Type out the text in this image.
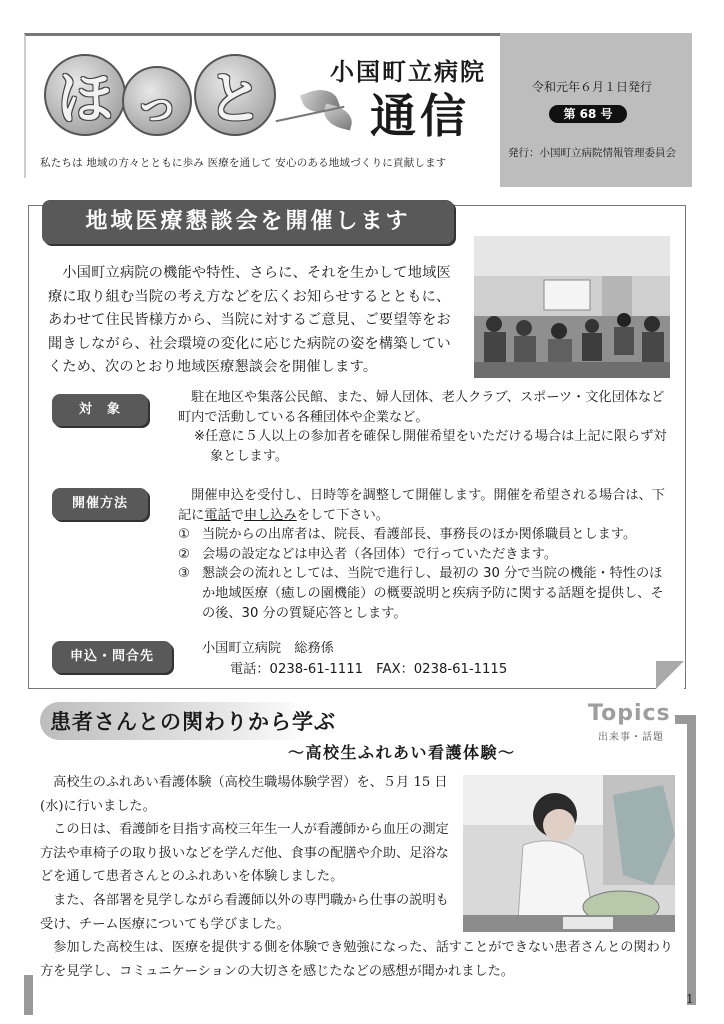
ほ っ と	小国町立病院
通信
私たちは 地域の方々とともに歩み 医療を通して 安心のある地域づくりに貢献します
令和元年６月１日発行
第 68 号
発行：小国町立病院情報管理委員会
地域医療懇談会を開催します
　小国町立病院の機能や特性、さらに、それを生かして地域医療に取り組む当院の考え方などを広くお知らせするとともに、あわせて住民皆様方から、当院に対するご意見、ご要望等をお聞きしながら、社会環境の変化に応じた病院の姿を構築していくため、次のとおり地域医療懇談会を開催します。
対　象
　駐在地区や集落公民館、また、婦人団体、老人クラブ、スポーツ・文化団体など町内で活動している各種団体や企業など。
※任意に５人以上の参加者を確保し開催希望をいただける場合は上記に限らず対象とします。
開催方法
　開催申込を受付し、日時等を調整して開催します。開催を希望される場合は、下記に電話で申し込みをして下さい。
① 当院からの出席者は、院長、看護部長、事務長のほか関係職員とします。
② 会場の設定などは申込者（各団体）で行っていただきます。
③ 懇談会の流れとしては、当院で進行し、最初の 30 分で当院の機能・特性のほか地域医療（癒しの園機能）の概要説明と疾病予防に関する話題を提供し、その後、30 分の質疑応答とします。
申込・問合先
小国町立病院　総務係
電話：0238-61-1111　FAX：0238-61-1115
Topics
出来事・話題
患者さんとの関わりから学ぶ
～高校生ふれあい看護体験～
　高校生のふれあい看護体験（高校生職場体験学習）を、５月 15 日(水)に行いました。
　この日は、看護師を目指す高校三年生一人が看護師から血圧の測定方法や車椅子の取り扱いなどを学んだ他、食事の配膳や介助、足浴などを通して患者さんとのふれあいを体験しました。
　また、各部署を見学しながら看護師以外の専門職から仕事の説明も受け、チーム医療についても学びました。
　参加した高校生は、医療を提供する側を体験でき勉強になった、話すことができない患者さんとの関わり方を見学し、コミュニケーションの大切さを感じたなどの感想が聞かれました。
1
